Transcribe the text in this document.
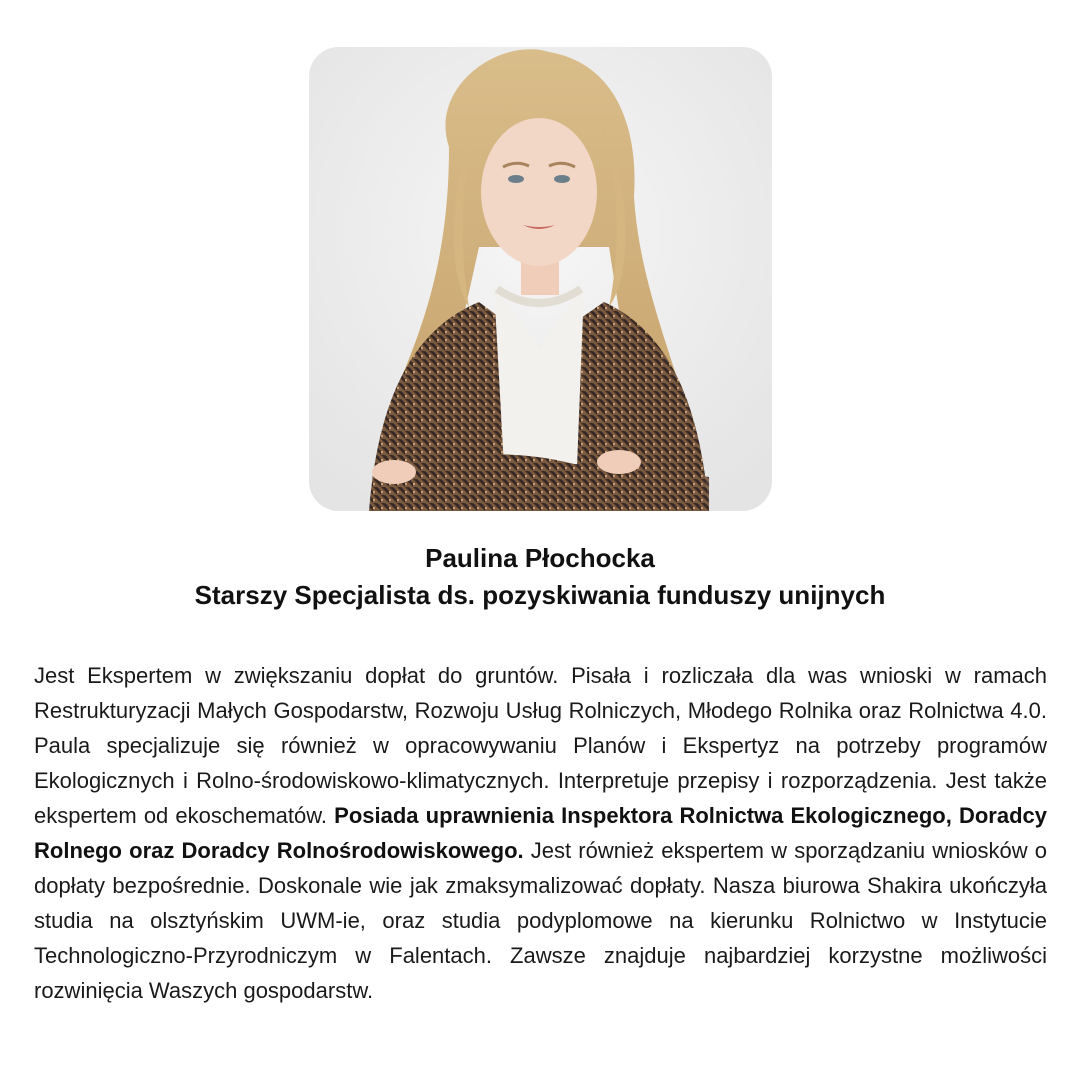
Paulina Płochocka
Starszy Specjalista ds. pozyskiwania funduszy unijnych
Jest Ekspertem w zwiększaniu dopłat do gruntów. Pisała i rozliczała dla was wnioski w ramach Restrukturyzacji Małych Gospodarstw, Rozwoju Usług Rolniczych, Młodego Rolnika oraz Rolnictwa 4.0. Paula specjalizuje się również w opracowywaniu Planów i Ekspertyz na potrzeby programów Ekologicznych i Rolno-środowiskowo-klimatycznych. Interpretuje przepisy i rozporządzenia. Jest także ekspertem od ekoschematów. Posiada uprawnienia Inspektora Rolnictwa Ekologicznego, Doradcy Rolnego oraz Doradcy Rolnośrodowiskowego. Jest również ekspertem w sporządzaniu wniosków o dopłaty bezpośrednie. Doskonale wie jak zmaksymalizować dopłaty. Nasza biurowa Shakira ukończyła studia na olsztyńskim UWM-ie, oraz studia podyplomowe na kierunku Rolnictwo w Instytucie Technologiczno-Przyrodniczym w Falentach. Zawsze znajduje najbardziej korzystne możliwości rozwinięcia Waszych gospodarstw.
